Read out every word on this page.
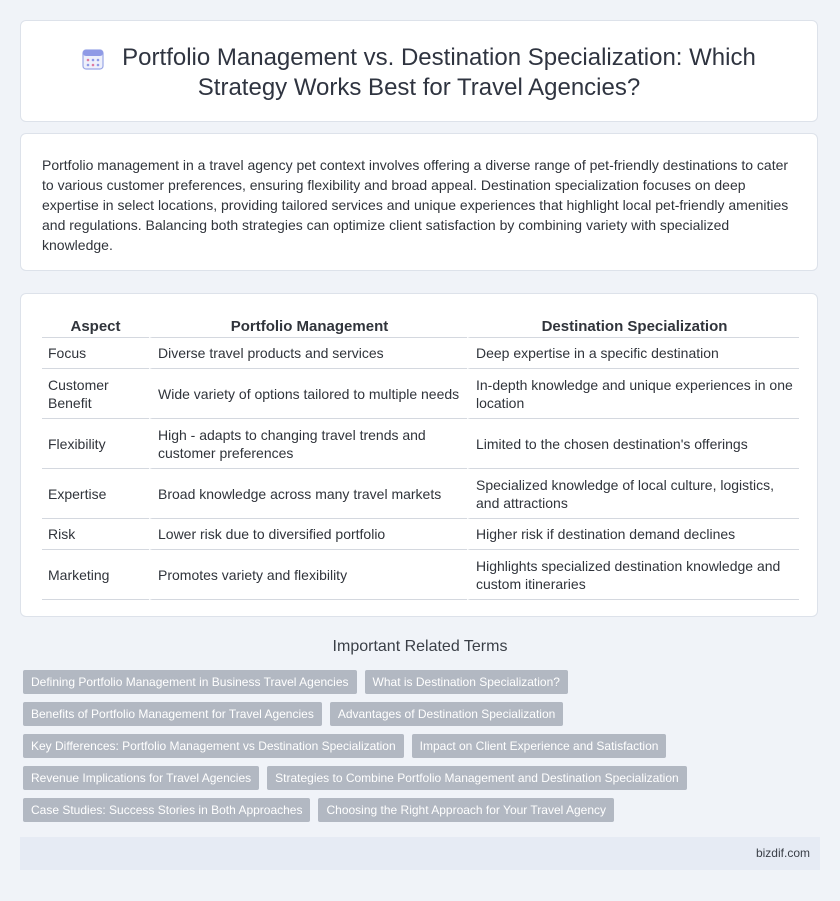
Portfolio Management vs. Destination Specialization: Which
Strategy Works Best for Travel Agencies?

Portfolio management in a travel agency pet context involves offering a diverse range of pet-friendly destinations to cater to various customer preferences, ensuring flexibility and broad appeal. Destination specialization focuses on deep expertise in select locations, providing tailored services and unique experiences that highlight local pet-friendly amenities and regulations. Balancing both strategies can optimize client satisfaction by combining variety with specialized knowledge.

Aspect	Portfolio Management	Destination Specialization
Focus	Diverse travel products and services	Deep expertise in a specific destination
Customer Benefit	Wide variety of options tailored to multiple needs	In-depth knowledge and unique experiences in one location
Flexibility	High - adapts to changing travel trends and customer preferences	Limited to the chosen destination's offerings
Expertise	Broad knowledge across many travel markets	Specialized knowledge of local culture, logistics, and attractions
Risk	Lower risk due to diversified portfolio	Higher risk if destination demand declines
Marketing	Promotes variety and flexibility	Highlights specialized destination knowledge and custom itineraries
Important Related Terms
Defining Portfolio Management in Business Travel Agencies	What is Destination Specialization?
Benefits of Portfolio Management for Travel Agencies	Advantages of Destination Specialization
Key Differences: Portfolio Management vs Destination Specialization	Impact on Client Experience and Satisfaction
Revenue Implications for Travel Agencies	Strategies to Combine Portfolio Management and Destination Specialization
Case Studies: Success Stories in Both Approaches	Choosing the Right Approach for Your Travel Agency
bizdif.com
